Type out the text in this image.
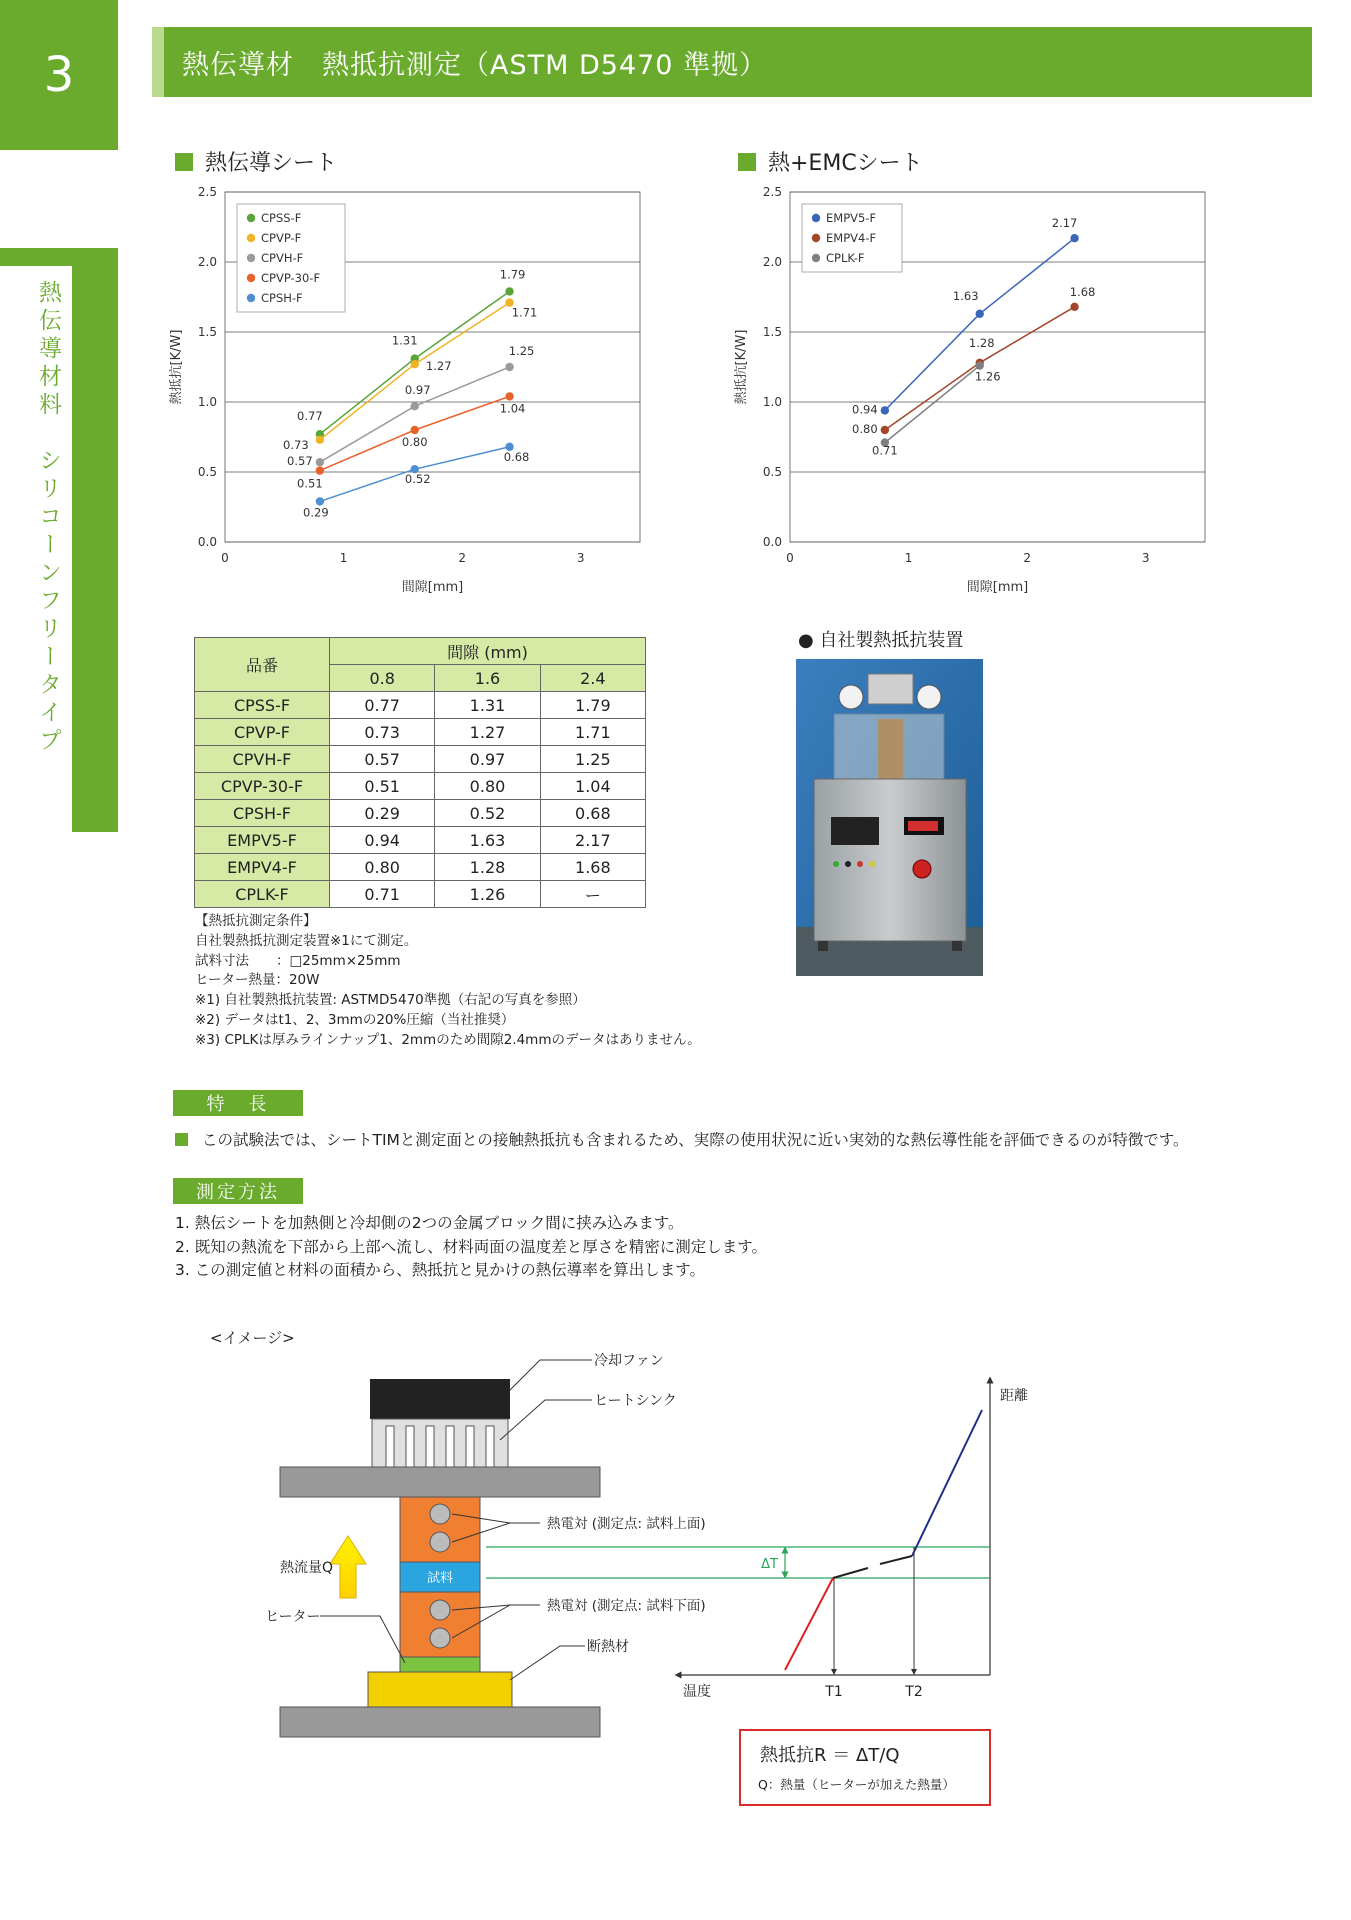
3	熱伝導材　熱抵抗測定（ASTM D5470 準拠）
熱伝導材料　シリコーンフリータイプ
熱伝導シート	熱+EMCシート
0.0
0.5
1.0
1.5
2.0
2.5
0	1	2	3
間隙[mm]
熱抵抗[K/W]
0.77
1.31
1.79
0.73
1.27
1.71
0.57
0.97
1.25
0.51
0.80
1.04
0.29
0.52
0.68
CPSS-F
CPVP-F
CPVH-F
CPVP-30-F
CPSH-F
0.0
0.5
1.0
1.5
2.0
2.5
0	1	2	3
間隙[mm]
熱抵抗[K/W]
0.94
1.63
2.17
0.80
1.28
1.68
0.71
1.26
EMPV5-F
EMPV4-F
CPLK-F
品番	間隙 (mm)		
	0.8	1.6	2.4
CPSS-F	0.77	1.31	1.79
CPVP-F	0.73	1.27	1.71
CPVH-F	0.57	0.97	1.25
CPVP-30-F	0.51	0.80	1.04
CPSH-F	0.29	0.52	0.68
EMPV5-F	0.94	1.63	2.17
EMPV4-F	0.80	1.28	1.68
CPLK-F	0.71	1.26	ー
【熱抵抗測定条件】
自社製熱抵抗測定装置※1にて測定。
試料寸法　　：□25mm×25mm
ヒーター熱量：20W
※1) 自社製熱抵抗装置: ASTMD5470準拠（右記の写真を参照）
※2) データはt1、2、3mmの20%圧縮（当社推奨）
※3) CPLKは厚みラインナップ1、2mmのため間隙2.4mmのデータはありません。
● 自社製熱抵抗装置
特　長
この試験法では、シートTIMと測定面との接触熱抵抗も含まれるため、実際の使用状況に近い実効的な熱伝導性能を評価できるのが特徴です。
測定方法
1. 熱伝シートを加熱側と冷却側の2つの金属ブロック間に挟み込みます。
2. 既知の熱流を下部から上部へ流し、材料両面の温度差と厚さを精密に測定します。
3. この測定値と材料の面積から、熱抵抗と見かけの熱伝導率を算出します。
<イメージ>
試料
熱流量Q
ヒーター
冷却ファン
ヒートシンク
熱電対 (測定点: 試料上面)
熱電対 (測定点: 試料下面)
断熱材
距離
温度
ΔT
T1	T2
熱抵抗R ＝ ΔT/Q
Q：熱量（ヒーターが加えた熱量）
